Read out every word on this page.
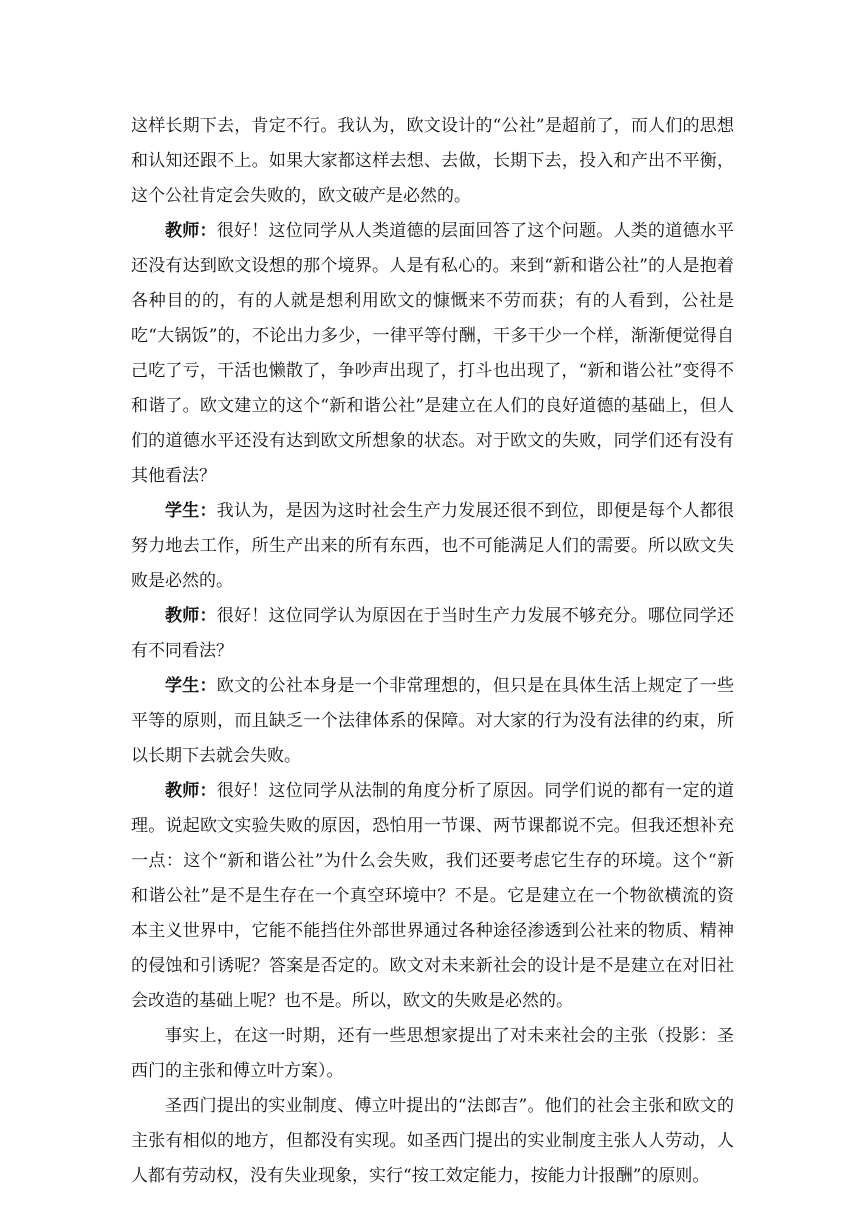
这样长期下去，肯定不行。我认为，欧文设计的“公社”是超前了，而人们的思想和认知还跟不上。如果大家都这样去想、去做，长期下去，投入和产出不平衡，这个公社肯定会失败的，欧文破产是必然的。

教师：很好！这位同学从人类道德的层面回答了这个问题。人类的道德水平还没有达到欧文设想的那个境界。人是有私心的。来到“新和谐公社”的人是抱着各种目的的，有的人就是想利用欧文的慷慨来不劳而获；有的人看到，公社是吃“大锅饭”的，不论出力多少，一律平等付酬，干多干少一个样，渐渐便觉得自己吃了亏，干活也懒散了，争吵声出现了，打斗也出现了，“新和谐公社”变得不和谐了。欧文建立的这个“新和谐公社”是建立在人们的良好道德的基础上，但人们的道德水平还没有达到欧文所想象的状态。对于欧文的失败，同学们还有没有其他看法？

学生：我认为，是因为这时社会生产力发展还很不到位，即便是每个人都很努力地去工作，所生产出来的所有东西，也不可能满足人们的需要。所以欧文失败是必然的。

教师：很好！这位同学认为原因在于当时生产力发展不够充分。哪位同学还有不同看法？

学生：欧文的公社本身是一个非常理想的，但只是在具体生活上规定了一些平等的原则，而且缺乏一个法律体系的保障。对大家的行为没有法律的约束，所以长期下去就会失败。

教师：很好！这位同学从法制的角度分析了原因。同学们说的都有一定的道理。说起欧文实验失败的原因，恐怕用一节课、两节课都说不完。但我还想补充一点：这个“新和谐公社”为什么会失败，我们还要考虑它生存的环境。这个“新和谐公社”是不是生存在一个真空环境中？不是。它是建立在一个物欲横流的资本主义世界中，它能不能挡住外部世界通过各种途径渗透到公社来的物质、精神的侵蚀和引诱呢？答案是否定的。欧文对未来新社会的设计是不是建立在对旧社会改造的基础上呢？也不是。所以，欧文的失败是必然的。

事实上，在这一时期，还有一些思想家提出了对未来社会的主张（投影：圣西门的主张和傅立叶方案）。

圣西门提出的实业制度、傅立叶提出的“法郎吉”。他们的社会主张和欧文的主张有相似的地方，但都没有实现。如圣西门提出的实业制度主张人人劳动，人人都有劳动权，没有失业现象，实行“按工效定能力，按能力计报酬”的原则。
